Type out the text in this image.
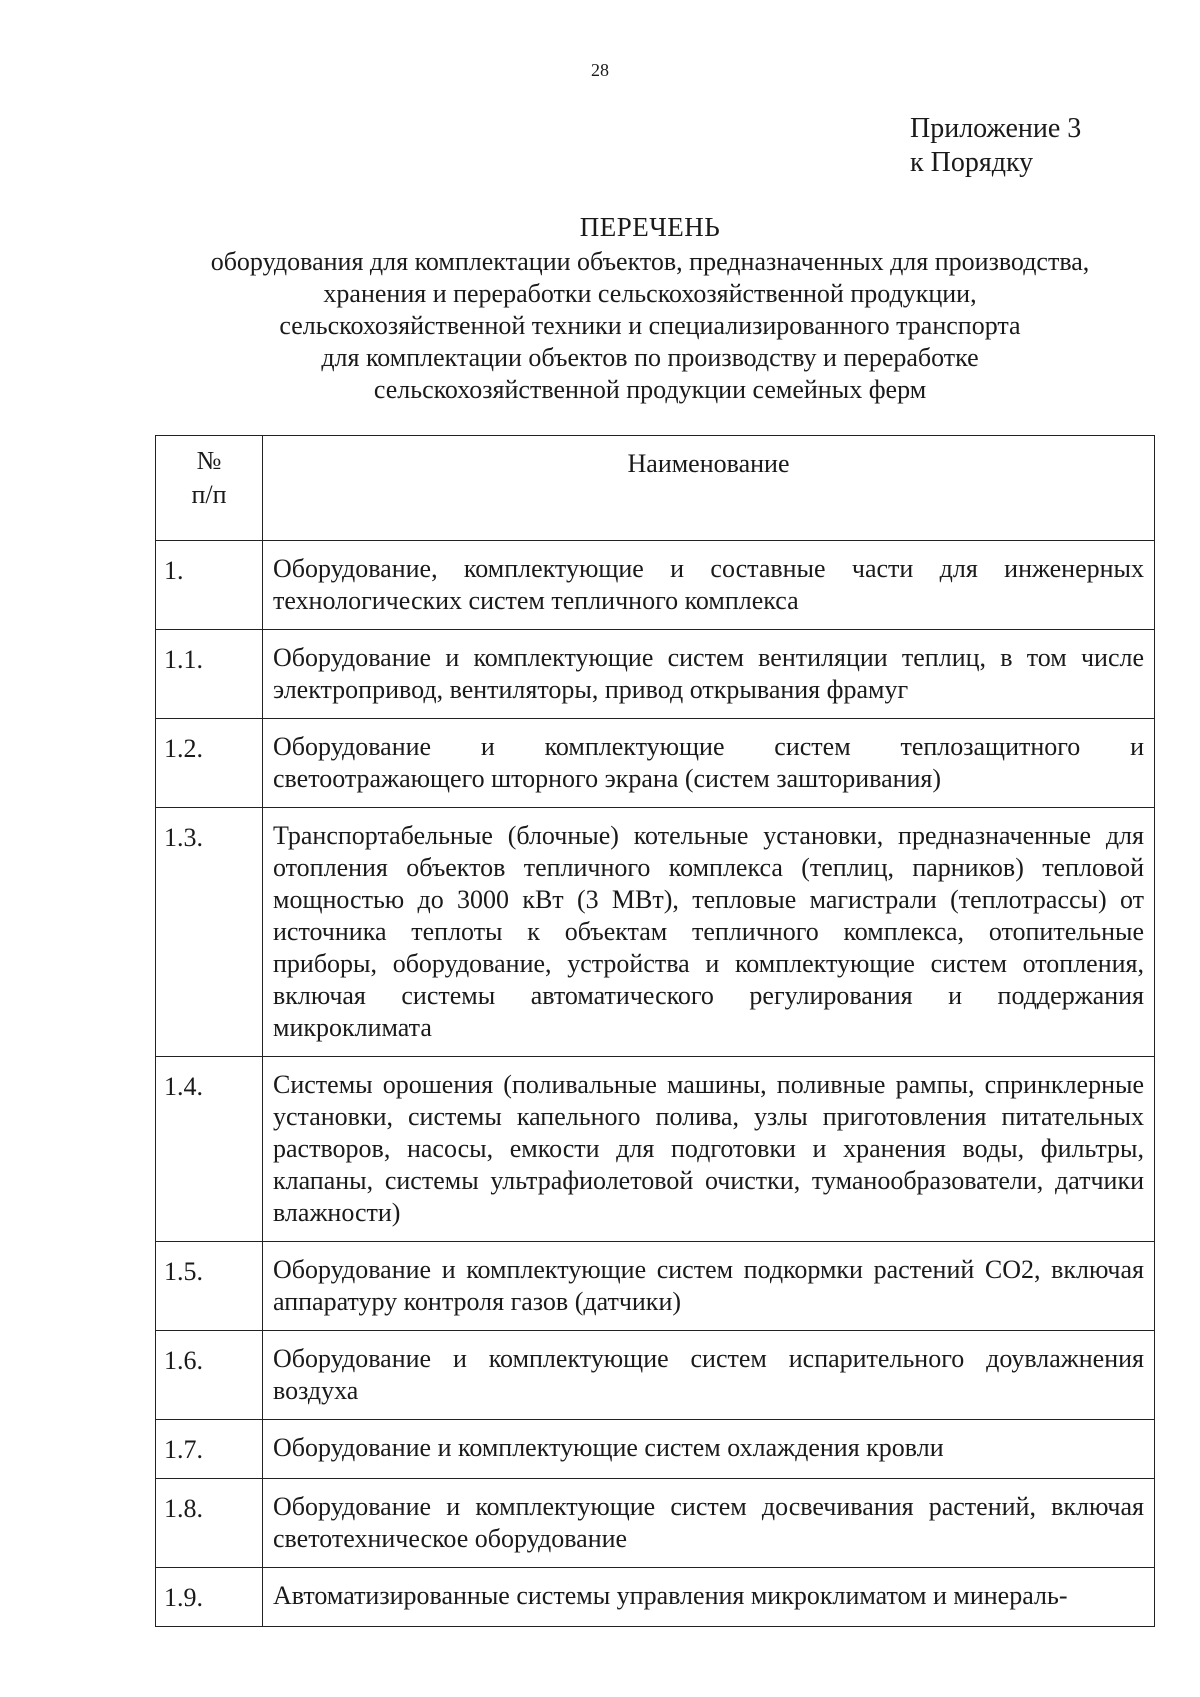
28
Приложение 3
к Порядку
ПЕРЕЧЕНЬ
оборудования для комплектации объектов, предназначенных для производства,
хранения и переработки сельскохозяйственной продукции,
сельскохозяйственной техники и специализированного транспорта
для комплектации объектов по производству и переработке
сельскохозяйственной продукции семейных ферм
№
п/п	Наименование
1.	Оборудование, комплектующие и составные части для инженерных технологических систем тепличного комплекса
1.1.	Оборудование и комплектующие систем вентиляции теплиц, в том числе электропривод, вентиляторы, привод открывания фрамуг
1.2.	Оборудование и комплектующие систем теплозащитного и светоотражающего шторного экрана (систем зашторивания)
1.3.	Транспортабельные (блочные) котельные установки, предназначенные для отопления объектов тепличного комплекса (теплиц, парников) тепловой мощностью до 3000 кВт (3 МВт), тепловые магистрали (теплотрассы) от источника теплоты к объектам тепличного комплекса, отопительные приборы, оборудование, устройства и комплектующие систем отопления, включая системы автоматического регулирования и поддержания микроклимата
1.4.	Системы орошения (поливальные машины, поливные рампы, спринклерные установки, системы капельного полива, узлы приготовления питательных растворов, насосы, емкости для подготовки и хранения воды, фильтры, клапаны, системы ультрафиолетовой очистки, туманообразователи, датчики влажности)
1.5.	Оборудование и комплектующие систем подкормки растений СО2, включая аппаратуру контроля газов (датчики)
1.6.	Оборудование и комплектующие систем испарительного доувлажнения воздуха
1.7.	Оборудование и комплектующие систем охлаждения кровли
1.8.	Оборудование и комплектующие систем досвечивания растений, включая светотехническое оборудование
1.9.	Автоматизированные системы управления микроклиматом и минераль-
